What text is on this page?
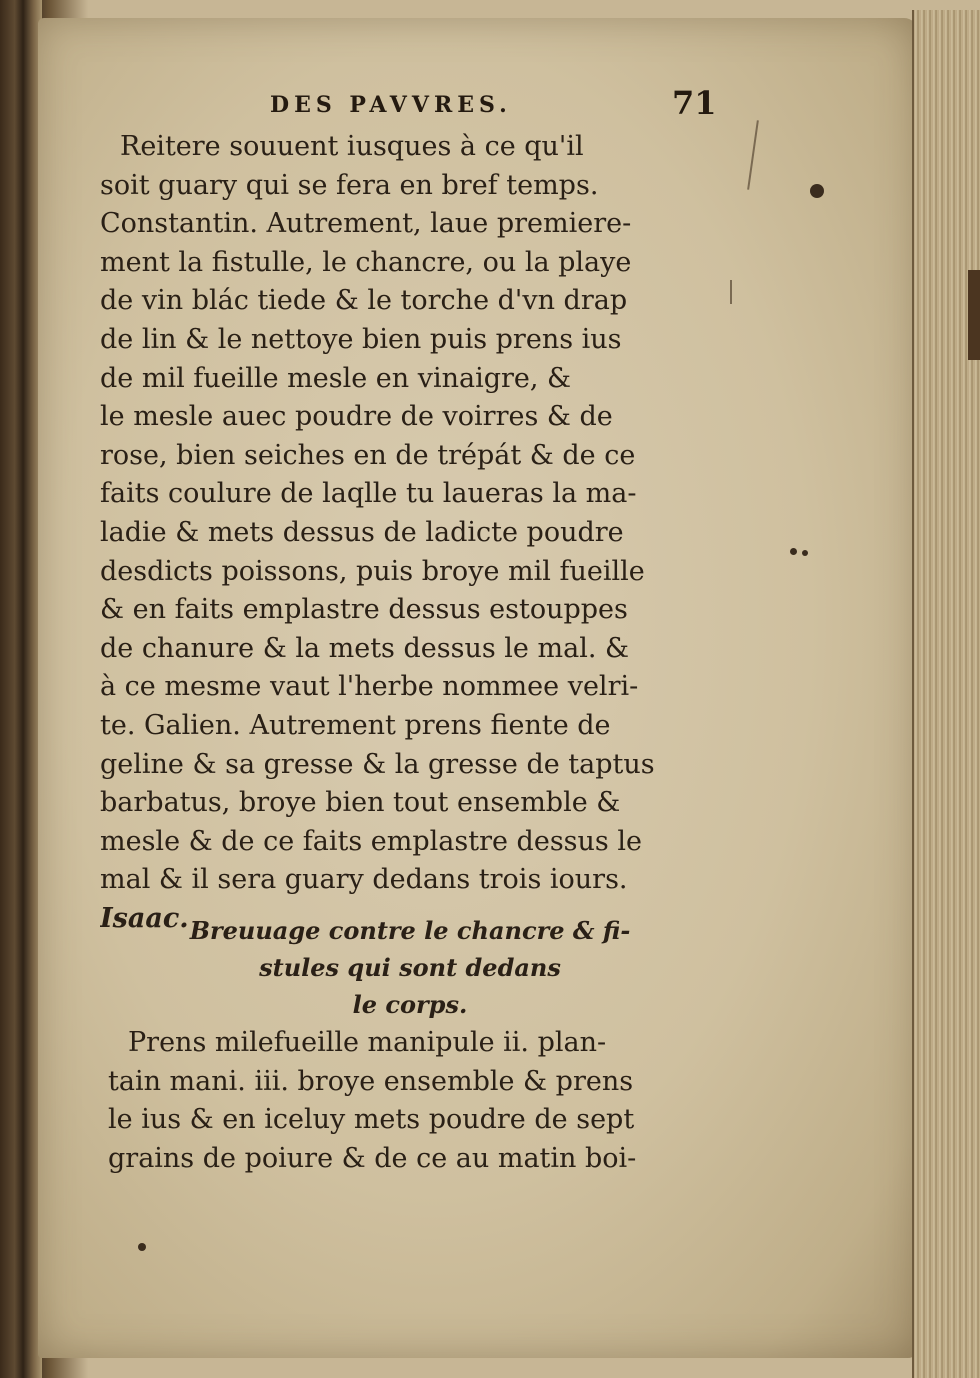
DES PAVVRES.	71
Reitere souuent iusques à ce qu'il
soit guary qui se fera en bref temps.
Constantin. Autrement, laue premiere-
ment la fistulle, le chancre, ou la playe
de vin blác tiede & le torche d'vn drap
de lin & le nettoye bien puis prens ius
de mil fueille mesle en vinaigre, &
le mesle auec poudre de voirres & de
rose, bien seiches en de trépát & de ce
faits coulure de laqlle tu laueras la ma-
ladie & mets dessus de ladicte poudre
desdicts poissons, puis broye mil fueille
& en faits emplastre dessus estouppes
de chanure & la mets dessus le mal. &
à ce mesme vaut l'herbe nommee velri-
te. Galien. Autrement prens fiente de
geline & sa gresse & la gresse de taptus
barbatus, broye bien tout ensemble &
mesle & de ce faits emplastre dessus le
mal & il sera guary dedans trois iours.
Isaac. Breuuage contre le chancre & fi-
stules qui sont dedans
le corps.
Prens milefueille manipule ii. plan-
tain mani. iii. broye ensemble & prens
le ius & en iceluy mets poudre de sept
grains de poiure & de ce au matin boi-
